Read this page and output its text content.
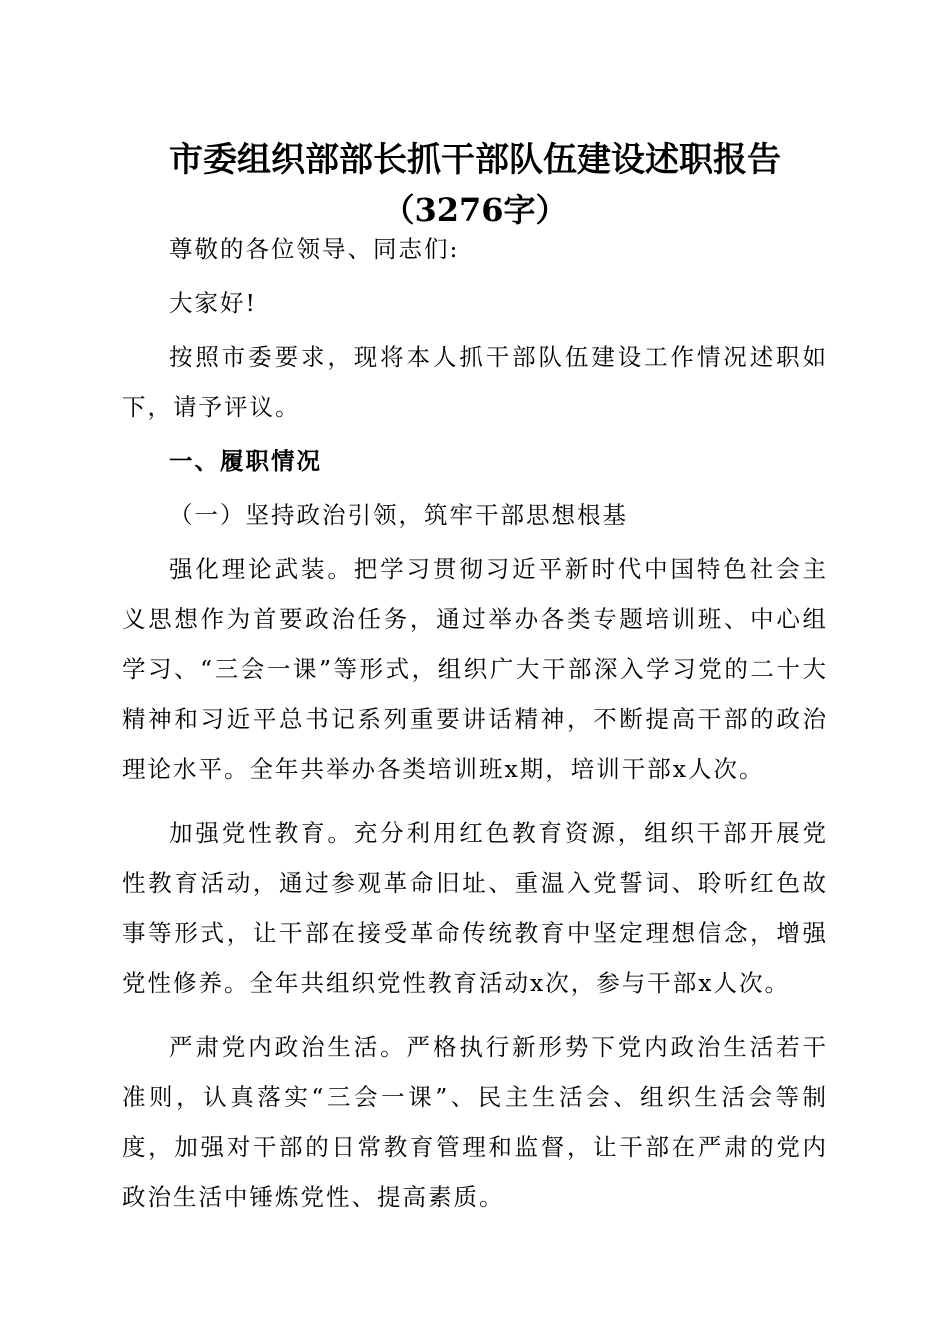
市委组织部部长抓干部队伍建设述职报告
（3276字）

尊敬的各位领导、同志们:

大家好!

按照市委要求，现将本人抓干部队伍建设工作情况述职如下，请予评议。

一、履职情况

（一）坚持政治引领，筑牢干部思想根基

强化理论武装。把学习贯彻习近平新时代中国特色社会主义思想作为首要政治任务，通过举办各类专题培训班、中心组学习、“三会一课”等形式，组织广大干部深入学习党的二十大精神和习近平总书记系列重要讲话精神，不断提高干部的政治理论水平。全年共举办各类培训班x期，培训干部x人次。

加强党性教育。充分利用红色教育资源，组织干部开展党性教育活动，通过参观革命旧址、重温入党誓词、聆听红色故事等形式，让干部在接受革命传统教育中坚定理想信念，增强党性修养。全年共组织党性教育活动x次，参与干部x人次。

严肃党内政治生活。严格执行新形势下党内政治生活若干准则，认真落实“三会一课”、民主生活会、组织生活会等制度，加强对干部的日常教育管理和监督，让干部在严肃的党内政治生活中锤炼党性、提高素质。
